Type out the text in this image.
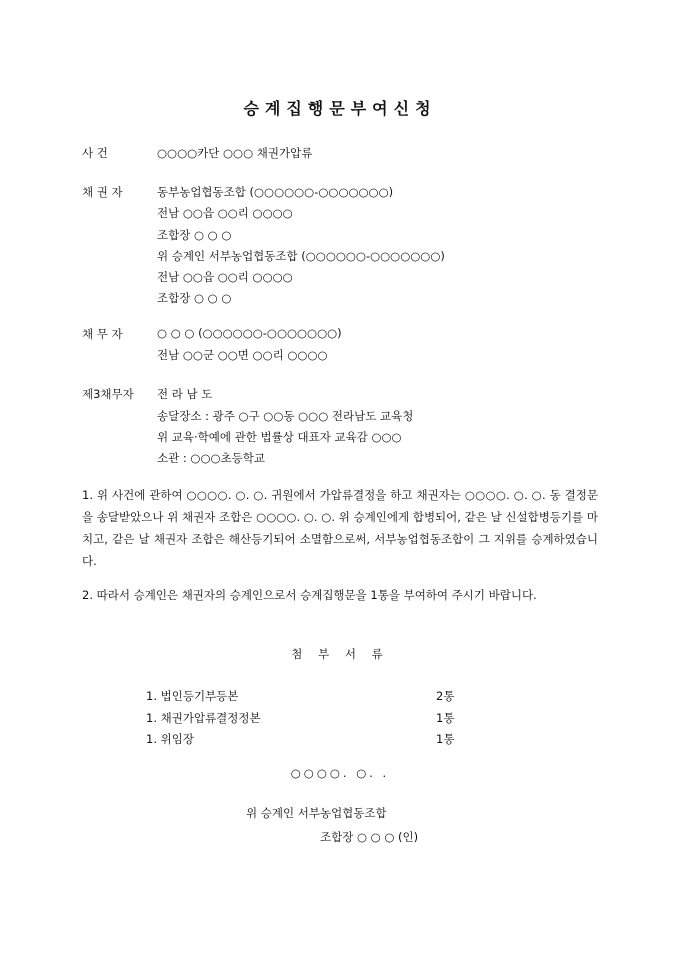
승계집행문부여신청
사 건	○○○○카단 ○○○ 채권가압류
채 권 자	동부농업협동조합 (○○○○○○-○○○○○○○)
전남 ○○읍 ○○리 ○○○○
조합장 ○ ○ ○
위 승계인 서부농업협동조합 (○○○○○○-○○○○○○○)
전남 ○○읍 ○○리 ○○○○
조합장 ○ ○ ○
채 무 자	○ ○ ○ (○○○○○○-○○○○○○○)
전남 ○○군 ○○면 ○○리 ○○○○
제3채무자 전 라 남 도
송달장소 : 광주 ○구 ○○동 ○○○ 전라남도 교육청
위 교육·학예에 관한 법률상 대표자 교육감 ○○○
소관 : ○○○초등학교
1. 위 사건에 관하여 ○○○○. ○. ○. 귀원에서 가압류결정을 하고 채권자는 ○○○○. ○. ○. 동 결정문을 송달받았으나 위 채권자 조합은 ○○○○. ○. ○. 위 승계인에게 합병되어, 같은 날 신설합병등기를 마치고, 같은 날 채권자 조합은 해산등기되어 소멸함으로써, 서부농업협동조합이 그 지위를 승계하였습니다.
2. 따라서 승계인은 채권자의 승계인으로서 승계집행문을 1통을 부여하여 주시기 바랍니다.
첨 부 서 류
1. 법인등기부등본	2통
1. 채권가압류결정정본	1통
1. 위임장	1통
○○○○. ○. .
위 승계인 서부농업협동조합
조합장 ○ ○ ○ (인)
